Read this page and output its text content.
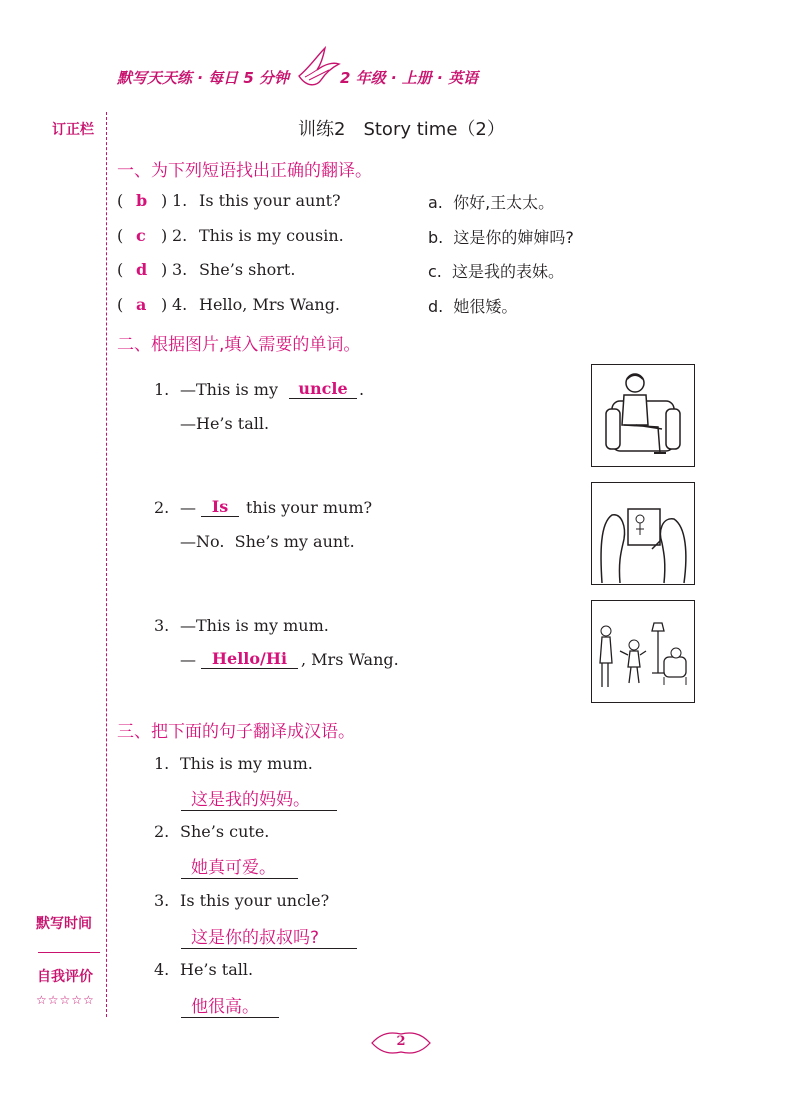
默写天天练 · 每日 5 分钟	2 年级 · 上册 · 英语
订正栏
默写时间
自我评价
☆☆☆☆☆
训练2　Story time（2）
一、为下列短语找出正确的翻译。
( b ) 1. Is this your aunt?	a.  你好,王太太。
( c ) 2. This is my cousin.	b.  这是你的婶婶吗?
( d ) 3. She’s short.	c.  这是我的表妹。
( a ) 4. Hello, Mrs Wang.	d.  她很矮。
二、根据图片,填入需要的单词。
1. —This is my	uncle .
—He’s tall.
2. — Is	this your mum?
—No.  She’s my aunt.
3. —This is my mum.
— Hello/Hi , Mrs Wang.
三、把下面的句子翻译成汉语。
1. This is my mum.
这是我的妈妈。
2. She’s cute.
她真可爱。
3. Is this your uncle?
这是你的叔叔吗?
4. He’s tall.
他很高。
2
